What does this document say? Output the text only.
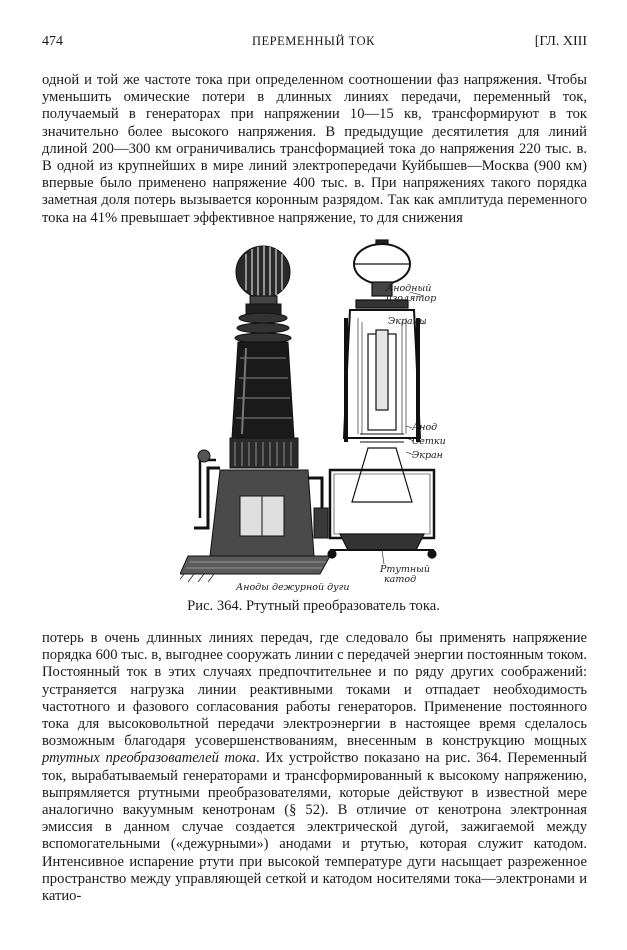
474	ПЕРЕМЕННЫЙ ТОК	[ГЛ. XIII

одной и той же частоте тока при определенном соотношении фаз напряжения. Чтобы уменьшить омические потери в длинных линиях передачи, переменный ток, получаемый в генераторах при напряжении 10—15 кв, трансформируют в ток значительно более высокого напряжения. В предыдущие десятилетия для линий длиной 200—300 км ограничивались трансформацией тока до напряжения 220 тыс. в. В одной из крупнейших в мире линий электропередачи Куйбышев—Москва (900 км) впервые было применено напряжение 400 тыс. в. При напряжениях такого порядка заметная доля потерь вызывается коронным разрядом. Так как амплитуда переменного тока на 41% превышает эффективное напряжение, то для снижения

Анодный
изолятор
Экраны
Анод
Сетки
Экран
Ртутный
катод
Аноды дежурной дуги
Рис. 364. Ртутный преобразователь тока.

потерь в очень длинных линиях передач, где следовало бы применять напряжение порядка 600 тыс. в, выгоднее сооружать линии с передачей энергии постоянным током. Постоянный ток в этих случаях предпочтительнее и по ряду других соображений: устраняется нагрузка линии реактивными токами и отпадает необходимость частотного и фазового согласования работы генераторов. Применение постоянного тока для высоковольтной передачи электроэнергии в настоящее время сделалось возможным благодаря усовершенствованиям, внесенным в конструкцию мощных ртутных преобразователей тока. Их устройство показано на рис. 364. Переменный ток, вырабатываемый генераторами и трансформированный к высокому напряжению, выпрямляется ртутными преобразователями, которые действуют в известной мере аналогично вакуумным кенотронам (§ 52). В отличие от кенотрона электронная эмиссия в данном случае создается электрической дугой, зажигаемой между вспомогательными («дежурными») анодами и ртутью, которая служит катодом. Интенсивное испарение ртути при высокой температуре дуги насыщает разреженное пространство между управляющей сеткой и катодом носителями тока—электронами и катио-
